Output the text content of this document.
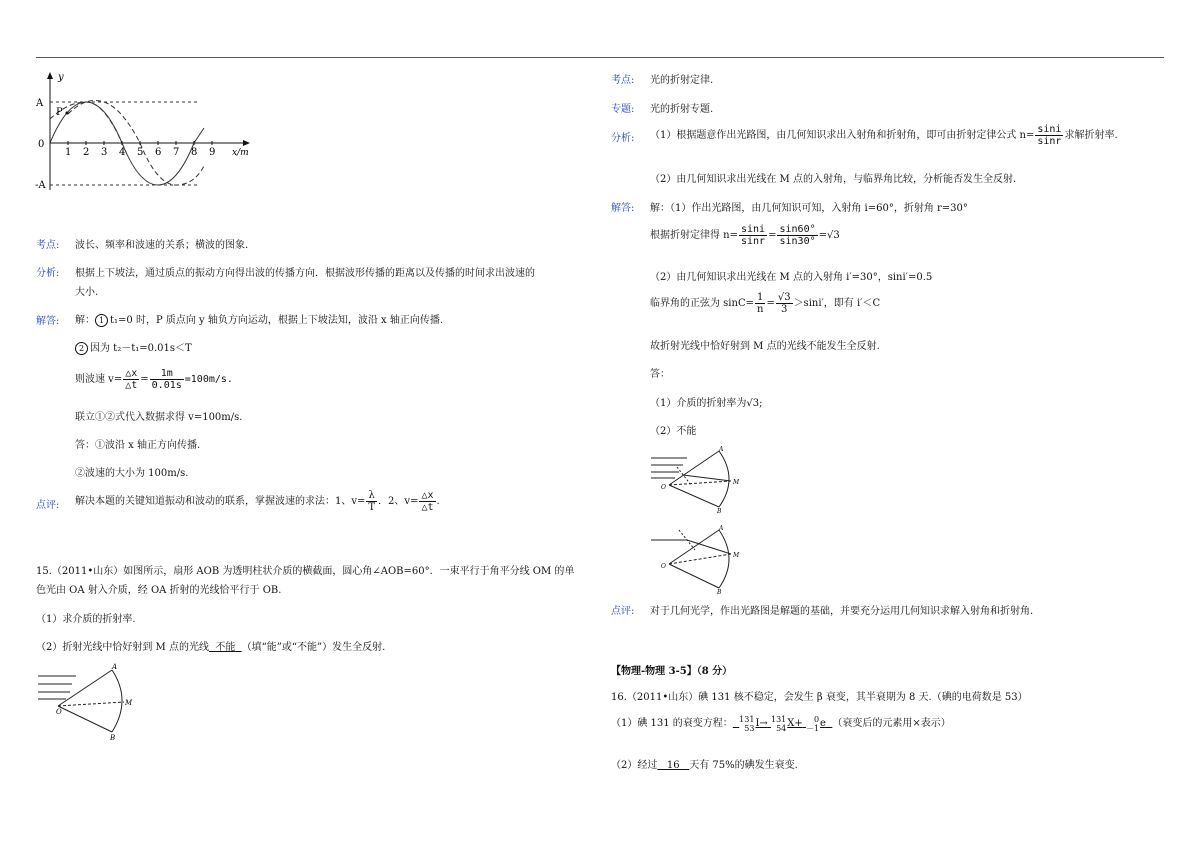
y
A
P
0
-A
x/m
1 2 3 4 5 6 7 8 9
考点: 波长、频率和波速的关系；横波的图象.
分析: 根据上下坡法，通过质点的振动方向得出波的传播方向．根据波形传播的距离以及传播的时间求出波速的
大小.
解答: 解： 1 t₁=0 时，P 质点向 y 轴负方向运动，根据上下坡法知，波沿 x 轴正向传播.
2 因为 t₂－t₁=0.01s＜T
则波速 $v= \frac{\triangle x}{\triangle t} = \frac{1m}{0.01s} =100m/s$.
联立①②式代入数据求得 v=100m/s.
答：①波沿 x 轴正方向传播.
②波速的大小为 100m/s.
点评: 解决本题的关键知道振动和波动的联系，掌握波速的求法：1、$v= \frac{\lambda}{T}$ ．2、$v= \frac{\triangle x}{\triangle t}$ .
15.（2011•山东）如图所示，扇形 AOB 为透明柱状介质的横截面，圆心角∠AOB=60°．一束平行于角平分线 OM 的单
色光由 OA 射入介质，经 OA 折射的光线恰平行于 OB.
（1）求介质的折射率.
（2）折射光线中恰好射到 M 点的光线 不能 （填“能”或“不能”）发生全反射.
A
O
M
B
考点: 光的折射定律.
专题: 光的折射专题.
分析: （1）根据题意作出光路图，由几何知识求出入射角和折射角，即可由折射定律公式 $n= \frac{\sin i}{\sin r}$ 求解折射率.
（2）由几何知识求出光线在 M 点的入射角，与临界角比较，分析能否发生全反射.
解答: 解：（1）作出光路图，由几何知识可知，入射角 i=60°，折射角 r=30°
根据折射定律得 $n= \frac{\sin i}{\sin r} = \frac{\sin 60^\circ}{\sin 30^\circ} =√3$
（2）由几何知识求出光线在 M 点的入射角 i′=30°，sini′=0.5
临界角的正弦为 $\sin C= \frac{1}{n} = \frac{√3}{3} >\sin i'$，即有 i′＜C
故折射光线中恰好射到 M 点的光线不能发生全反射.
答：
（1）介质的折射率为√3;
（2）不能
A
O
M
B
A
O
M
B
点评: 对于几何光学，作出光路图是解题的基础，并要充分运用几何知识求解入射角和折射角.
【物理-物理 3-5】（8 分）
16.（2011•山东）碘 131 核不稳定，会发生 β 衰变，其半衰期为 8 天.（碘的电荷数是 53）
（1）碘 131 的衰变方程： 131
53 I→ 131
54 X+	0
－1 e （衰变后的元素用×表示）
（2）经过 16 天有 75%的碘发生衰变.
